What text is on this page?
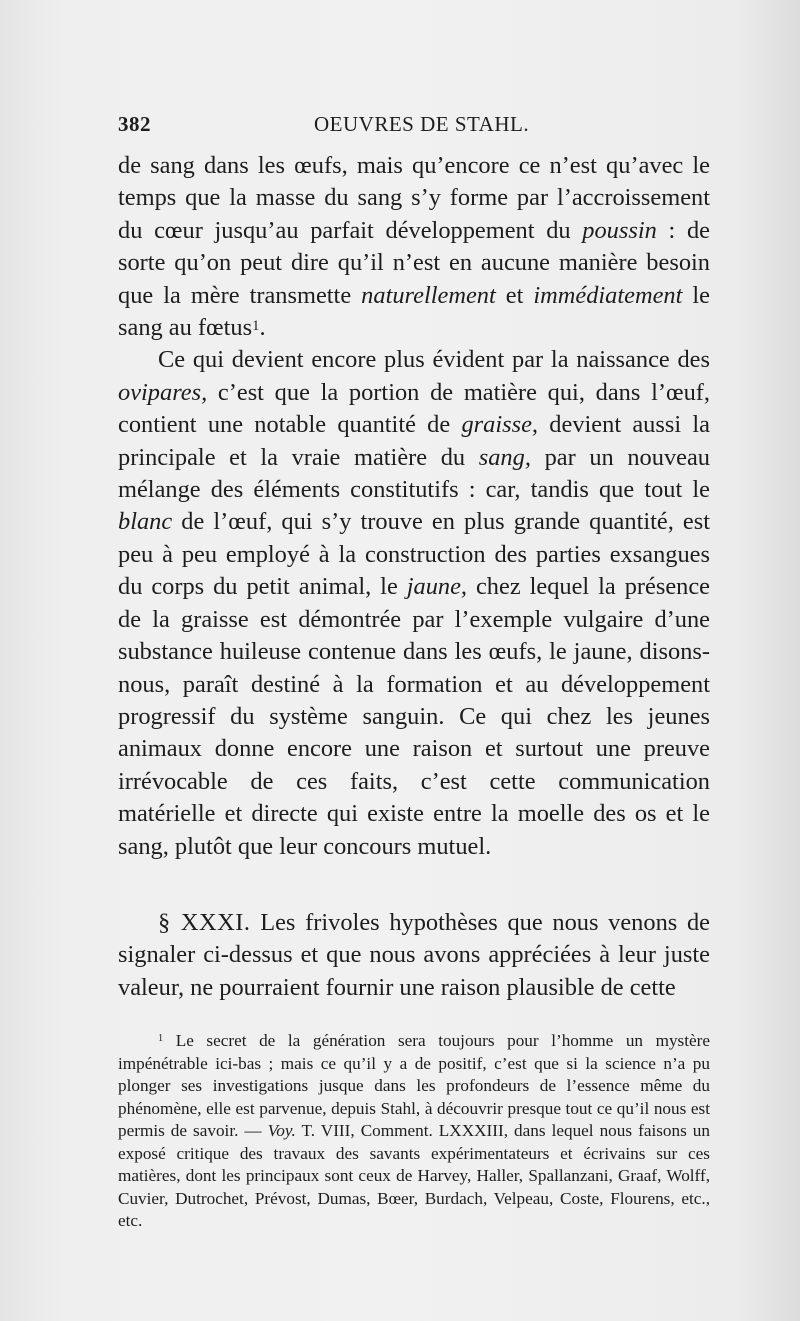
382	OEUVRES DE STAHL.

de sang dans les œufs, mais qu’encore ce n’est qu’avec le temps que la masse du sang s’y forme par l’accroissement du cœur jusqu’au parfait développement du poussin : de sorte qu’on peut dire qu’il n’est en aucune manière besoin que la mère transmette naturellement et immédiatement le sang au fœtus$^1$.

Ce qui devient encore plus évident par la naissance des ovipares, c’est que la portion de matière qui, dans l’œuf, contient une notable quantité de graisse, devient aussi la principale et la vraie matière du sang, par un nouveau mélange des éléments constitutifs : car, tandis que tout le blanc de l’œuf, qui s’y trouve en plus grande quantité, est peu à peu employé à la construction des parties exsangues du corps du petit animal, le jaune, chez lequel la présence de la graisse est démontrée par l’exemple vulgaire d’une substance huileuse contenue dans les œufs, le jaune, disons-nous, paraît destiné à la formation et au développement progressif du système sanguin. Ce qui chez les jeunes animaux donne encore une raison et surtout une preuve irrévocable de ces faits, c’est cette communication matérielle et directe qui existe entre la moelle des os et le sang, plutôt que leur concours mutuel.

§ XXXI. Les frivoles hypothèses que nous venons de signaler ci-dessus et que nous avons appréciées à leur juste valeur, ne pourraient fournir une raison plausible de cette

$^1$ Le secret de la génération sera toujours pour l’homme un mystère impénétrable ici-bas ; mais ce qu’il y a de positif, c’est que si la science n’a pu plonger ses investigations jusque dans les profondeurs de l’essence même du phénomène, elle est parvenue, depuis Stahl, à découvrir presque tout ce qu’il nous est permis de savoir. — Voy. T. VIII, Comment. LXXXIII, dans lequel nous faisons un exposé critique des travaux des savants expérimentateurs et écrivains sur ces matières, dont les principaux sont ceux de Harvey, Haller, Spallanzani, Graaf, Wolff, Cuvier, Dutrochet, Prévost, Dumas, Bœer, Burdach, Velpeau, Coste, Flourens, etc., etc.
